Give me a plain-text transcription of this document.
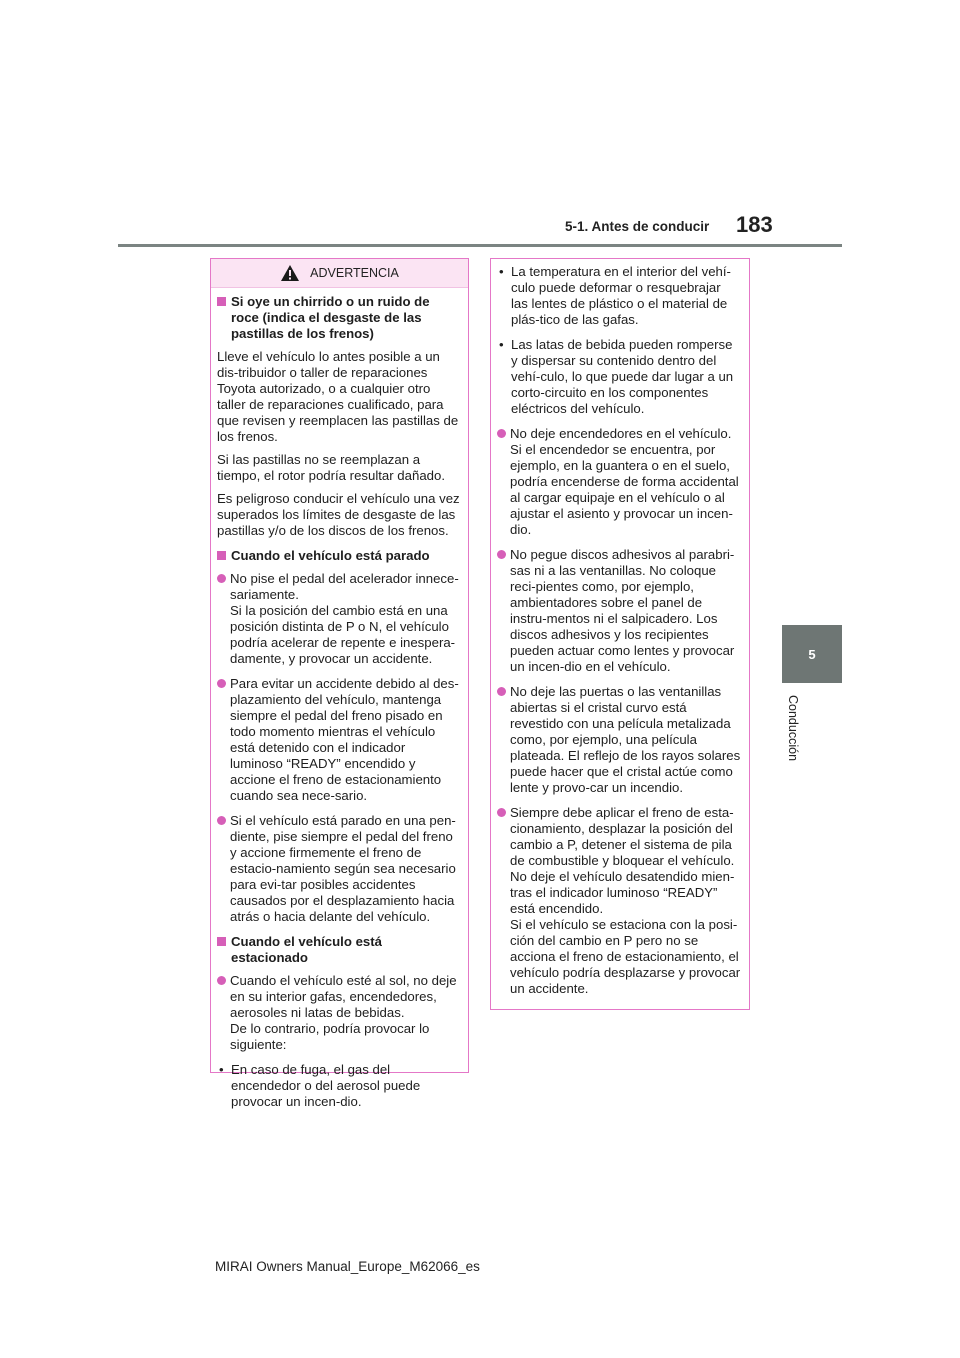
5-1. Antes de conducir 183
5
Conducción
ADVERTENCIA
Si oye un chirrido o un ruido de roce (indica el desgaste de las pastillas de los frenos)

Lleve el vehículo lo antes posible a un dis-tribuidor o taller de reparaciones Toyota autorizado, o a cualquier otro taller de reparaciones cualificado, para que revisen y reemplacen las pastillas de los frenos.

Si las pastillas no se reemplazan a tiempo, el rotor podría resultar dañado.

Es peligroso conducir el vehículo una vez superados los límites de desgaste de las pastillas y/o de los discos de los frenos.

Cuando el vehículo está parado
No pise el pedal del acelerador innece-sariamente.
Si la posición del cambio está en una posición distinta de P o N, el vehículo podría acelerar de repente e inespera-damente, y provocar un accidente.
Para evitar un accidente debido al des-plazamiento del vehículo, mantenga siempre el pedal del freno pisado en todo momento mientras el vehículo está detenido con el indicador luminoso “READY” encendido y accione el freno de estacionamiento cuando sea nece-sario.
Si el vehículo está parado en una pen-diente, pise siempre el pedal del freno y accione firmemente el freno de estacio-namiento según sea necesario para evi-tar posibles accidentes causados por el desplazamiento hacia atrás o hacia delante del vehículo.
Cuando el vehículo está estacionado
Cuando el vehículo esté al sol, no deje en su interior gafas, encendedores, aerosoles ni latas de bebidas.
De lo contrario, podría provocar lo siguiente:
• En caso de fuga, el gas del encendedor o del aerosol puede provocar un incen-dio.
• La temperatura en el interior del vehí-culo puede deformar o resquebrajar las lentes de plástico o el material de plás-tico de las gafas.
• Las latas de bebida pueden romperse y dispersar su contenido dentro del vehí-culo, lo que puede dar lugar a un corto-circuito en los componentes eléctricos del vehículo.
No deje encendedores en el vehículo. Si el encendedor se encuentra, por ejemplo, en la guantera o en el suelo, podría encenderse de forma accidental al cargar equipaje en el vehículo o al ajustar el asiento y provocar un incen-dio.
No pegue discos adhesivos al parabri-sas ni a las ventanillas. No coloque reci-pientes como, por ejemplo, ambientadores sobre el panel de instru-mentos ni el salpicadero. Los discos adhesivos y los recipientes pueden actuar como lentes y provocar un incen-dio en el vehículo.
No deje las puertas o las ventanillas abiertas si el cristal curvo está revestido con una película metalizada como, por ejemplo, una película plateada. El reflejo de los rayos solares puede hacer que el cristal actúe como lente y provo-car un incendio.
Siempre debe aplicar el freno de esta-cionamiento, desplazar la posición del cambio a P, detener el sistema de pila de combustible y bloquear el vehículo. No deje el vehículo desatendido mien-tras el indicador luminoso “READY” está encendido.
Si el vehículo se estaciona con la posi-ción del cambio en P pero no se acciona el freno de estacionamiento, el vehículo podría desplazarse y provocar un accidente.
MIRAI Owners Manual_Europe_M62066_es
